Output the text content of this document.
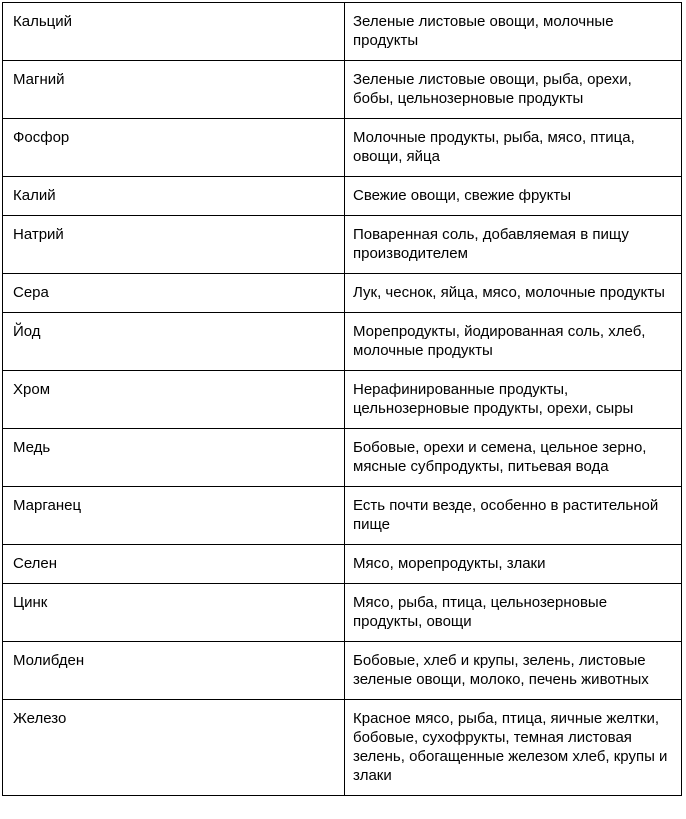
Кальций	Зеленые листовые овощи, молочные продукты
Магний	Зеленые листовые овощи, рыба, орехи, бобы, цельнозерновые продукты
Фосфор	Молочные продукты, рыба, мясо, птица, овощи, яйца
Калий	Свежие овощи, свежие фрукты
Натрий	Поваренная соль, добавляемая в пищу производителем
Сера	Лук, чеснок, яйца, мясо, молочные продукты
Йод	Морепродукты, йодированная соль, хлеб, молочные продукты
Хром	Нерафинированные продукты, цельнозерновые продукты, орехи, сыры
Медь	Бобовые, орехи и семена, цельное зерно, мясные субпродукты, питьевая вода
Марганец	Есть почти везде, особенно в растительной пище
Селен	Мясо, морепродукты, злаки
Цинк	Мясо, рыба, птица, цельнозерновые продукты, овощи
Молибден	Бобовые, хлеб и крупы, зелень, листовые зеленые овощи, молоко, печень животных
Железо	Красное мясо, рыба, птица, яичные желтки, бобовые, сухофрукты, темная листовая зелень, обогащенные железом хлеб, крупы и злаки
